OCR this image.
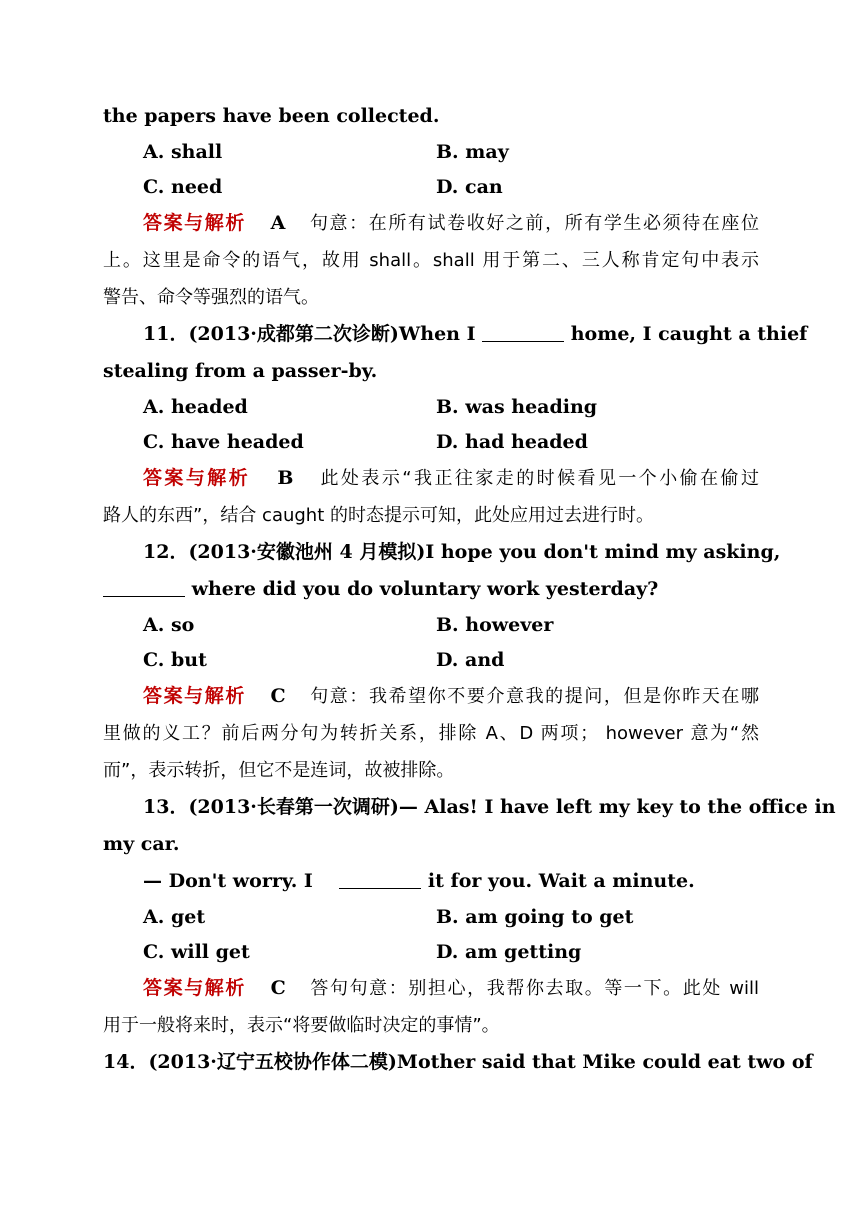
the papers have been collected.
A. shall	B. may
C. need	D. can
答案与解析 A 句意：在所有试卷收好之前，所有学生必须待在座位
上。这里是命令的语气，故用 shall。shall 用于第二、三人称肯定句中表示
警告、命令等强烈的语气。
11．(2013·成都第二次诊断)When I	home, I caught a thief
stealing from a passer-by.
A. headed	B. was heading
C. have headed	D. had headed
答案与解析 B 此处表示“我正往家走的时候看见一个小偷在偷过
路人的东西”，结合 caught 的时态提示可知，此处应用过去进行时。
12．(2013·安徽池州 4 月模拟)I hope you don't mind my asking,
where did you do voluntary work yesterday?
A. so	B. however
C. but	D. and
答案与解析 C 句意：我希望你不要介意我的提问，但是你昨天在哪
里做的义工？前后两分句为转折关系，排除 A、D 两项； however 意为“然
而”，表示转折，但它不是连词，故被排除。
13．(2013·长春第一次调研)— Alas! I have left my key to the office in
my car.
— Don't worry. I	it for you. Wait a minute.
A. get	B. am going to get
C. will get	D. am getting
答案与解析 C 答句句意：别担心，我帮你去取。等一下。此处 will
用于一般将来时，表示“将要做临时决定的事情”。
14．(2013·辽宁五校协作体二模)Mother said that Mike could eat two of
